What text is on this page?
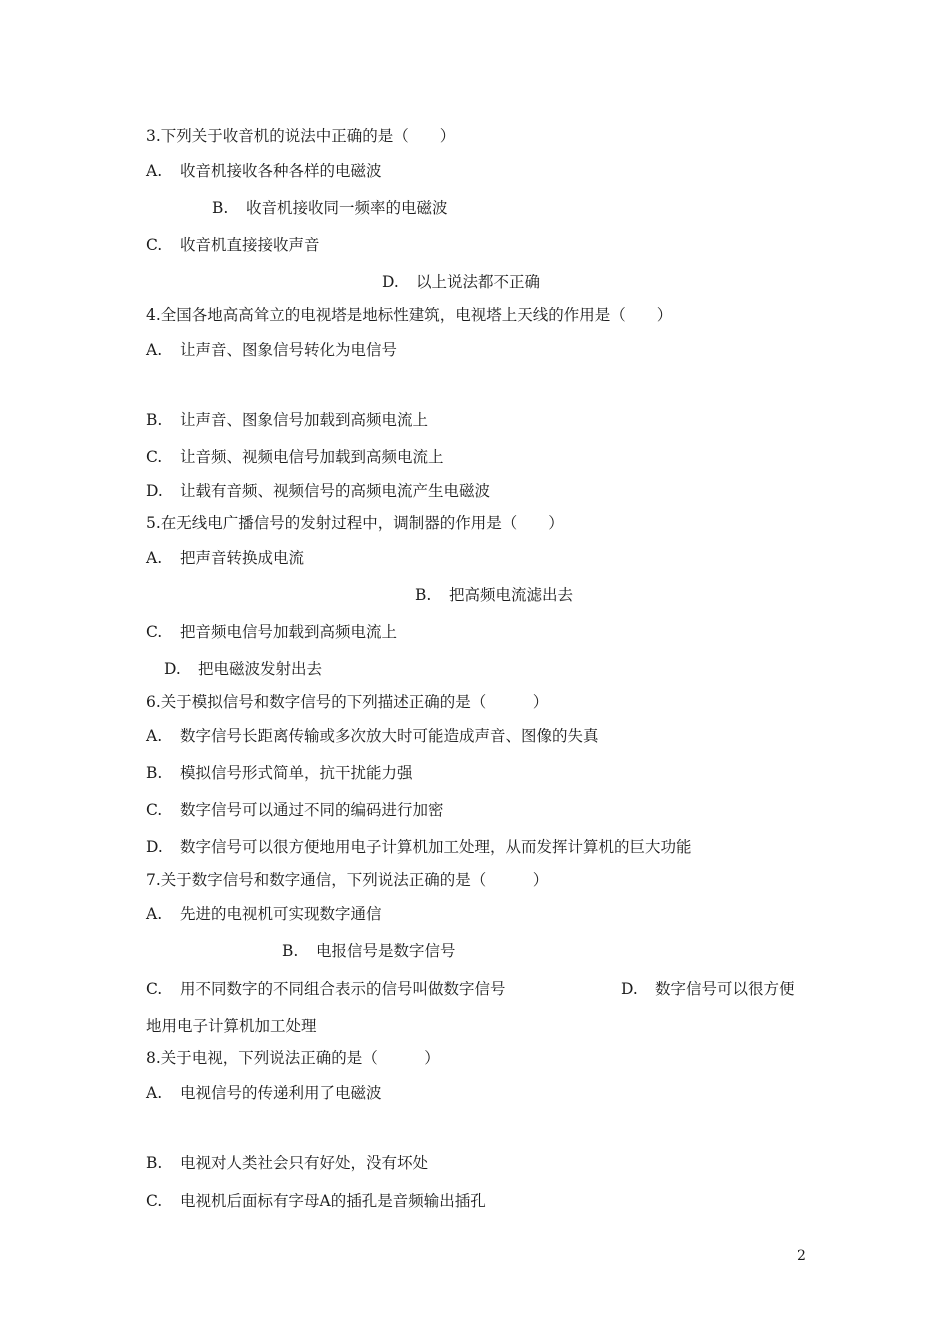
3.下列关于收音机的说法中正确的是（　　）
A. 收音机接收各种各样的电磁波
B. 收音机接收同一频率的电磁波
C. 收音机直接接收声音
D. 以上说法都不正确
4.全国各地高高耸立的电视塔是地标性建筑，电视塔上天线的作用是（　　）
A. 让声音、图象信号转化为电信号
B. 让声音、图象信号加载到高频电流上
C. 让音频、视频电信号加载到高频电流上
D. 让载有音频、视频信号的高频电流产生电磁波
5.在无线电广播信号的发射过程中，调制器的作用是（　　）
A. 把声音转换成电流
B. 把高频电流滤出去
C. 把音频电信号加载到高频电流上
D. 把电磁波发射出去
6.关于模拟信号和数字信号的下列描述正确的是（　　　）
A. 数字信号长距离传输或多次放大时可能造成声音、图像的失真
B. 模拟信号形式简单，抗干扰能力强
C. 数字信号可以通过不同的编码进行加密
D. 数字信号可以很方便地用电子计算机加工处理，从而发挥计算机的巨大功能
7.关于数字信号和数字通信，下列说法正确的是（　　　）
A. 先进的电视机可实现数字通信
B. 电报信号是数字信号
C. 用不同数字的不同组合表示的信号叫做数字信号	D. 数字信号可以很方便
地用电子计算机加工处理
8.关于电视，下列说法正确的是（　　　）
A. 电视信号的传递利用了电磁波
B. 电视对人类社会只有好处，没有坏处
C. 电视机后面标有字母A的插孔是音频输出插孔
2
